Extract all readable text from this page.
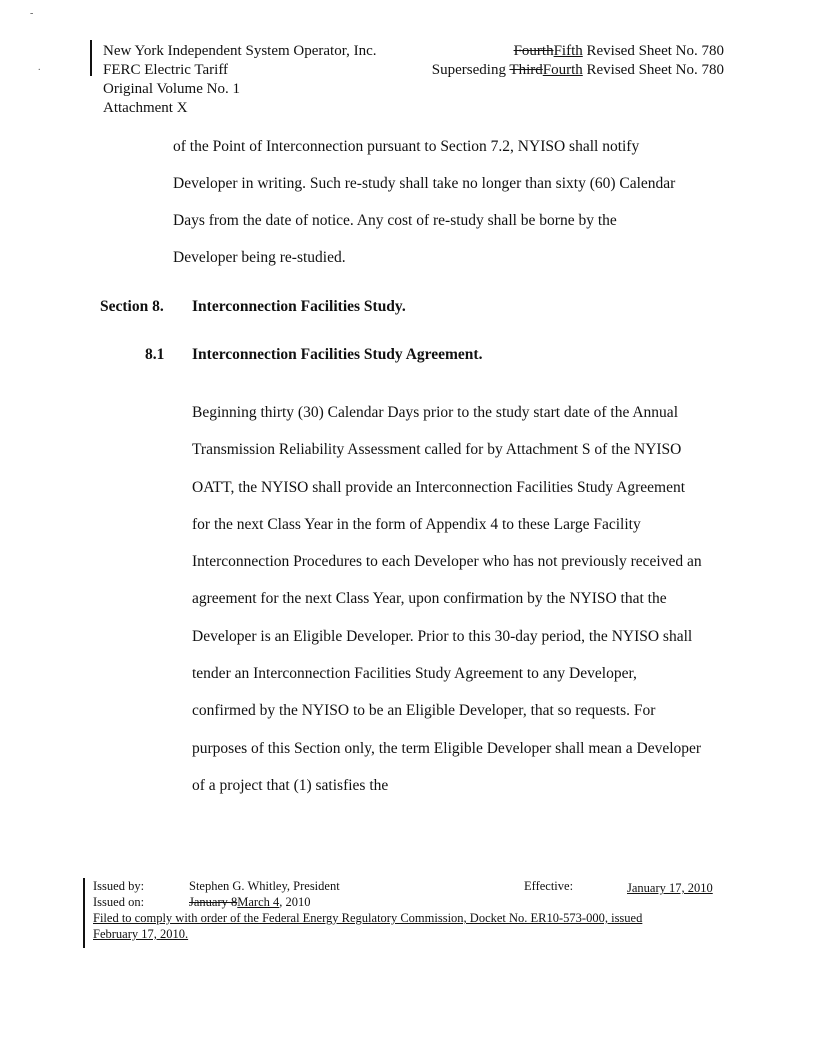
-
.
New York Independent System Operator, Inc.
FERC Electric Tariff
Original Volume No. 1
Attachment X
FourthFifth Revised Sheet No. 780
Superseding ThirdFourth Revised Sheet No. 780
of the Point of Interconnection pursuant to Section 7.2, NYISO shall notify
Developer in writing. Such re-study shall take no longer than sixty (60) Calendar
Days from the date of notice. Any cost of re-study shall be borne by the
Developer being re-studied.
Section 8. Interconnection Facilities Study.
8.1 Interconnection Facilities Study Agreement.
Beginning thirty (30) Calendar Days prior to the study start date of the Annual
Transmission Reliability Assessment called for by Attachment S of the NYISO
OATT, the NYISO shall provide an Interconnection Facilities Study Agreement
for the next Class Year in the form of Appendix 4 to these Large Facility
Interconnection Procedures to each Developer who has not previously received an
agreement for the next Class Year, upon confirmation by the NYISO that the
Developer is an Eligible Developer. Prior to this 30-day period, the NYISO shall
tender an Interconnection Facilities Study Agreement to any Developer,
confirmed by the NYISO to be an Eligible Developer, that so requests. For
purposes of this Section only, the term Eligible Developer shall mean a Developer
of a project that (1) satisfies the
Issued by:	Stephen G. Whitley, President	Effective:	January 17, 2010
Issued on:	January 8March 4, 2010
Filed to comply with order of the Federal Energy Regulatory Commission, Docket No. ER10-573-000, issued
February 17, 2010.
